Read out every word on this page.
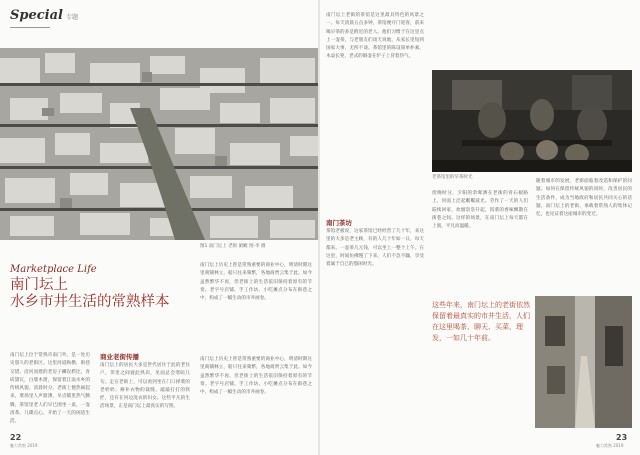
Special 专题
图1 南门坛上 老街 俯瞰 图·李 摄
Marketplace Life
南门坛上
水乡市井生活的常熟样本
南门坛上历史上曾是常熟重要的商业中心，明清时期这里商铺林立，船只往来频繁，各地商贾云集于此。如今虽然繁华不再，但老街上的生活依旧保持着原有的节奏。老字号店铺、手工作坊、小吃摊点分布在街巷之中，构成了一幅生动的市井画卷。
南门坛上位于常熟市南门外，是一处历史悠久的老街区。这里河道纵横，街巷交错，沿河而建的老房子鳞次栉比，青砖黛瓦，白墙木窗，保留着江南水乡的传统风貌。清晨时分，老街上便热闹起来，菜场里人声鼎沸，早点铺里热气腾腾，茶馆里老人们早已围坐一桌，一壶清茶，几碟点心，开始了一天的闲适生活。
商业老街传播
南门坛上的居民大多是世代居住于此的老住户，邻里之间彼此熟识，见面总会寒暄几句。走在老街上，可以看到坐在门口择菜的老奶奶、修补衣物的裁缝、敲敲打打的铁匠，还有在河边洗衣的妇女。这些平凡的生活场景，正是南门坛上最真实的写照。
南门坛上历史上曾是常熟重要的商业中心，明清时期这里商铺林立，船只往来频繁，各地商贾云集于此。如今虽然繁华不再，但老街上的生活依旧保持着原有的节奏。老字号店铺、手工作坊、小吃摊点分布在街巷之中，构成了一幅生动的市井画卷。
南门坛上老街的茶馆是这里最具特色的风景之一。每天清晨五点多钟，茶馆便开门迎客，前来喝早茶的多是附近的老人。他们习惯于在这里点上一壶茶，与老朋友们谈天说地，从家长里短到国家大事，无所不谈。茶馆里的陈设简单朴素，木桌长凳，老式的铜壶在炉子上冒着热气。
南门茶坊
茶馆老板说，这家茶馆已经经营了几十年，来这里的大多是老主顾，有的人几十年如一日，每天都来。一壶茶几元钱，可以坐上一整个上午。在这里，时间仿佛慢了下来，人们不急不躁，享受着属于自己的悠闲时光。
老茶馆里的早茶时光
随着城市的发展，老街面临着改造和保护的问题。如何在保留传统风貌的同时，改善居民的生活条件，成为当地政府和居民共同关心的话题。南门坛上的老街，承载着常熟人的集体记忆，也见证着这座城市的变迁。
傍晚时分，夕阳的余晖洒在老街的青石板路上，河面上泛起粼粼波光。劳作了一天的人们陆续回家，炊烟袅袅升起，饭菜的香味飘散在街巷之间。这样的场景，在南门坛上每天都在上演，平凡而温暖。
这些年来，南门坛上的老街依然保留着最真实的市井生活，人们在这里喝茶、聊天、买菜、理发，一如几十年前。
22
魅力常熟 2019
23
魅力常熟 2019
